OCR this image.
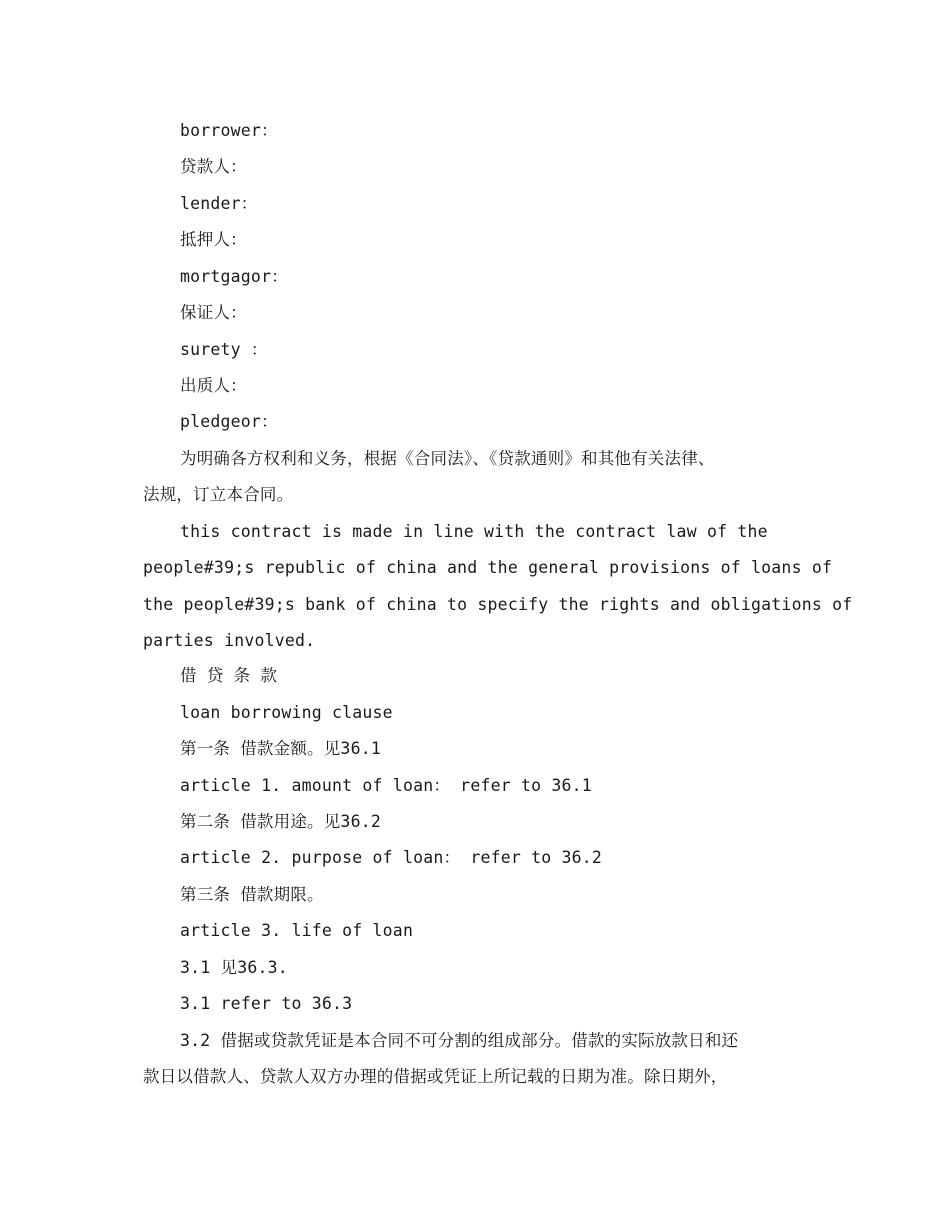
borrower：
贷款人：
lender：
抵押人：
mortgagor：
保证人：
surety ：
出质人：
pledgeor：
为明确各方权利和义务，根据《合同法》、《贷款通则》和其他有关法律、
法规，订立本合同。
this contract is made in line with the contract law of the
people#39;s republic of china and the general provisions of loans of
the people#39;s bank of china to specify the rights and obligations of
parties involved.
借 贷 条 款
loan borrowing clause
第一条 借款金额。见36.1
article 1. amount of loan： refer to 36.1
第二条 借款用途。见36.2
article 2. purpose of loan： refer to 36.2
第三条 借款期限。
article 3. life of loan
3.1 见36.3.
3.1 refer to 36.3
3.2 借据或贷款凭证是本合同不可分割的组成部分。借款的实际放款日和还
款日以借款人、贷款人双方办理的借据或凭证上所记载的日期为准。除日期外，
